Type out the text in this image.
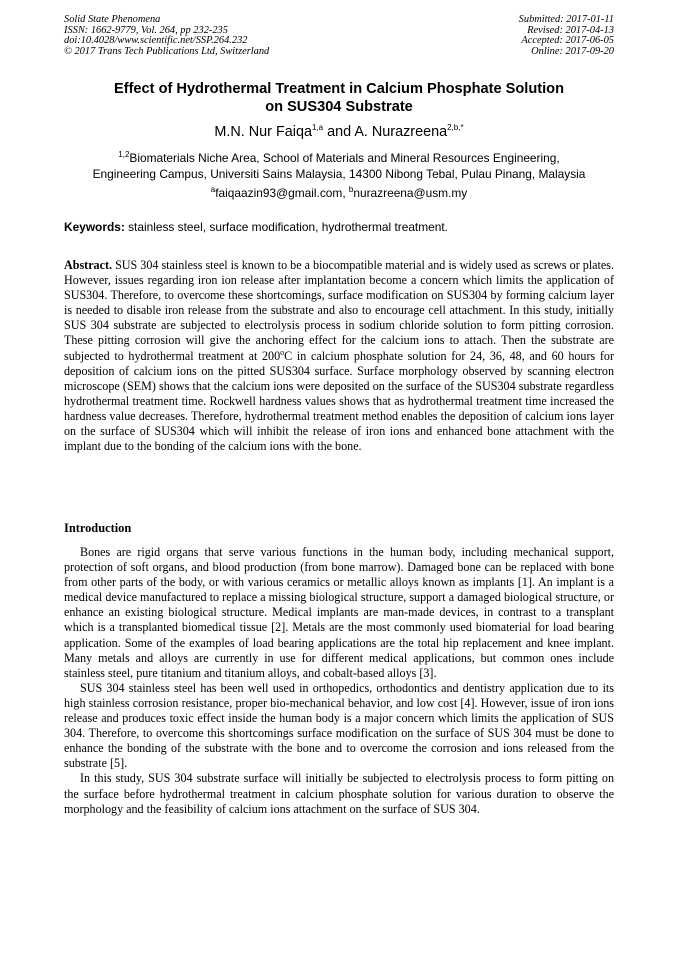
Solid State Phenomena
ISSN: 1662-9779, Vol. 264, pp 232-235
doi:10.4028/www.scientific.net/SSP.264.232
© 2017 Trans Tech Publications Ltd, Switzerland
Submitted: 2017-01-11
Revised: 2017-04-13
Accepted: 2017-06-05
Online: 2017-09-20
Effect of Hydrothermal Treatment in Calcium Phosphate Solution
on SUS304 Substrate
M.N. Nur Faiqa$^{1,a}$ and A. Nurazreena$^{2,b,*}$
$^{1,2}$Biomaterials Niche Area, School of Materials and Mineral Resources Engineering,
Engineering Campus, Universiti Sains Malaysia, 14300 Nibong Tebal, Pulau Pinang, Malaysia
$^a$faiqaazin93@gmail.com, $^b$nurazreena@usm.my
Keywords: stainless steel, surface modification, hydrothermal treatment.
Abstract. SUS 304 stainless steel is known to be a biocompatible material and is widely used as screws or plates. However, issues regarding iron ion release after implantation become a concern which limits the application of SUS304. Therefore, to overcome these shortcomings, surface modification on SUS304 by forming calcium layer is needed to disable iron release from the substrate and also to encourage cell attachment. In this study, initially SUS 304 substrate are subjected to electrolysis process in sodium chloride solution to form pitting corrosion. These pitting corrosion will give the anchoring effect for the calcium ions to attach. Then the substrate are subjected to hydrothermal treatment at 200$^o$C in calcium phosphate solution for 24, 36, 48, and 60 hours for deposition of calcium ions on the pitted SUS304 surface. Surface morphology observed by scanning electron microscope (SEM) shows that the calcium ions were deposited on the surface of the SUS304 substrate regardless hydrothermal treatment time. Rockwell hardness values shows that as hydrothermal treatment time increased the hardness value decreases. Therefore, hydrothermal treatment method enables the deposition of calcium ions layer on the surface of SUS304 which will inhibit the release of iron ions and enhanced bone attachment with the implant due to the bonding of the calcium ions with the bone.
Introduction

Bones are rigid organs that serve various functions in the human body, including mechanical support, protection of soft organs, and blood production (from bone marrow). Damaged bone can be replaced with bone from other parts of the body, or with various ceramics or metallic alloys known as implants [1]. An implant is a medical device manufactured to replace a missing biological structure, support a damaged biological structure, or enhance an existing biological structure. Medical implants are man-made devices, in contrast to a transplant which is a transplanted biomedical tissue [2]. Metals are the most commonly used biomaterial for load bearing application. Some of the examples of load bearing applications are the total hip replacement and knee implant. Many metals and alloys are currently in use for different medical applications, but common ones include stainless steel, pure titanium and titanium alloys, and cobalt-based alloys [3].

SUS 304 stainless steel has been well used in orthopedics, orthodontics and dentistry application due to its high stainless corrosion resistance, proper bio-mechanical behavior, and low cost [4]. However, issue of iron ions release and produces toxic effect inside the human body is a major concern which limits the application of SUS 304. Therefore, to overcome this shortcomings surface modification on the surface of SUS 304 must be done to enhance the bonding of the substrate with the bone and to overcome the corrosion and ions released from the substrate [5].

In this study, SUS 304 substrate surface will initially be subjected to electrolysis process to form pitting on the surface before hydrothermal treatment in calcium phosphate solution for various duration to observe the morphology and the feasibility of calcium ions attachment on the surface of SUS 304.
